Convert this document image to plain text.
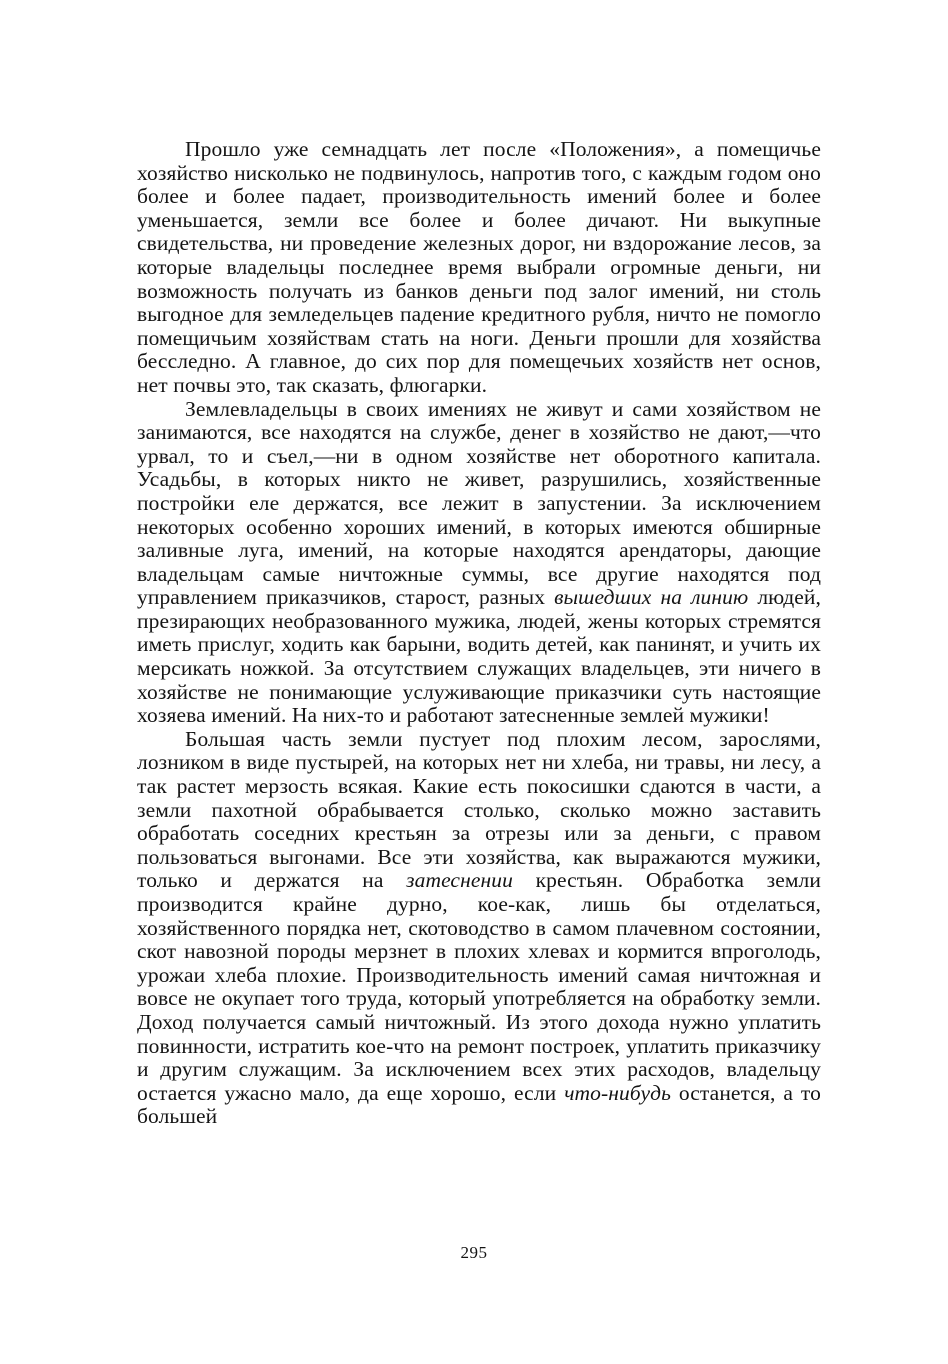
Прошло уже семнадцать лет после «Положения», а помещичье хозяйство нисколько не подвинулось, напротив того, с каждым годом оно более и более падает, производительность имений более и более уменьшается, земли все более и более дичают. Ни выкупные свидетельства, ни проведение железных дорог, ни вздорожание лесов, за которые владельцы последнее время выбрали огромные деньги, ни возможность получать из банков деньги под залог имений, ни столь выгодное для земледельцев падение кредитного рубля, ничто не помогло помещичьим хозяйствам стать на ноги. Деньги прошли для хозяйства бесследно. А главное, до сих пор для помещечьих хозяйств нет основ, нет почвы это, так сказать, флюгарки.

Землевладельцы в своих имениях не живут и сами хозяйством не занимаются, все находятся на службе, денег в хозяйство не дают,—что урвал, то и съел,—ни в одном хозяйстве нет оборотного капитала. Усадьбы, в которых никто не живет, разрушились, хозяйственные постройки еле держатся, все лежит в запустении. За исключением некоторых особенно хороших имений, в которых имеются обширные заливные луга, имений, на которые находятся арендаторы, дающие владельцам самые ничтожные суммы, все другие находятся под управлением приказчиков, старост, разных вышедших на линию людей, презирающих необразованного мужика, людей, жены которых стремятся иметь прислуг, ходить как барыни, водить детей, как панинят, и учить их мерсикать ножкой. За отсутствием служащих владельцев, эти ничего в хозяйстве не понимающие услуживающие приказчики суть настоящие хозяева имений. На них-то и работают затесненные землей мужики!

Большая часть земли пустует под плохим лесом, зарослями, лозником в виде пустырей, на которых нет ни хлеба, ни травы, ни лесу, а так растет мерзость всякая. Какие есть покосишки сдаются в части, а земли пахотной обрабывается столько, сколько можно заставить обработать соседних крестьян за отрезы или за деньги, с правом пользоваться выгонами. Все эти хозяйства, как выражаются мужики, только и держатся на затеснении крестьян. Обработка земли производится крайне дурно, кое-как, лишь бы отделаться, хозяйственного порядка нет, скотоводство в самом плачевном состоянии, скот навозной породы мерзнет в плохих хлевах и кормится впроголодь, урожаи хлеба плохие. Производительность имений самая ничтожная и вовсе не окупает того труда, который употребляется на обработку земли. Доход получается самый ничтожный. Из этого дохода нужно уплатить повинности, истратить кое-что на ремонт построек, уплатить приказчику и другим служащим. За исключением всех этих расходов, владельцу остается ужасно мало, да еще хорошо, если что-нибудь останется, а то большей

295
